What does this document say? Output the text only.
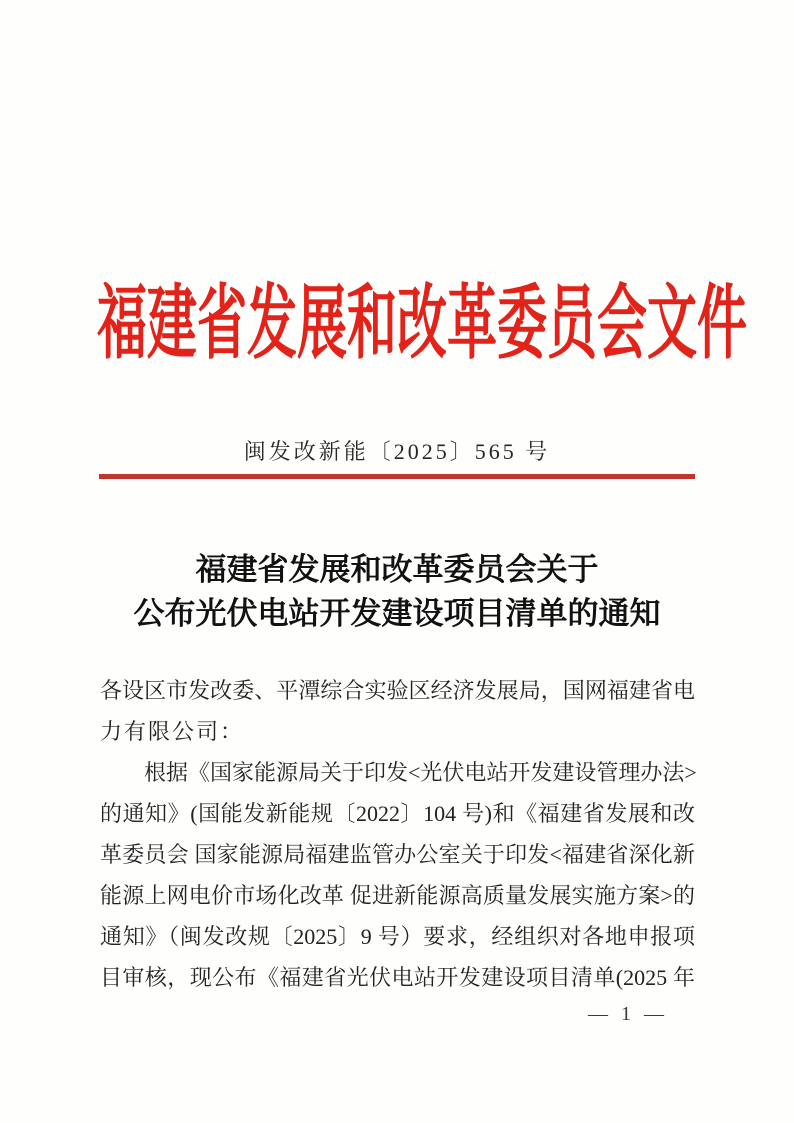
福建省发展和改革委员会文件
闽发改新能〔2025〕565 号
福建省发展和改革委员会关于
公布光伏电站开发建设项目清单的通知
各设区市发改委、平潭综合实验区经济发展局，国网福建省电
力有限公司：
根据《国家能源局关于印发<光伏电站开发建设管理办法>
的通知》(国能发新能规〔2022〕104 号)和《福建省发展和改
革委员会 国家能源局福建监管办公室关于印发<福建省深化新
能源上网电价市场化改革 促进新能源高质量发展实施方案>的
通知》（闽发改规〔2025〕9 号）要求，经组织对各地申报项
目审核，现公布《福建省光伏电站开发建设项目清单(2025 年
— 1 —
